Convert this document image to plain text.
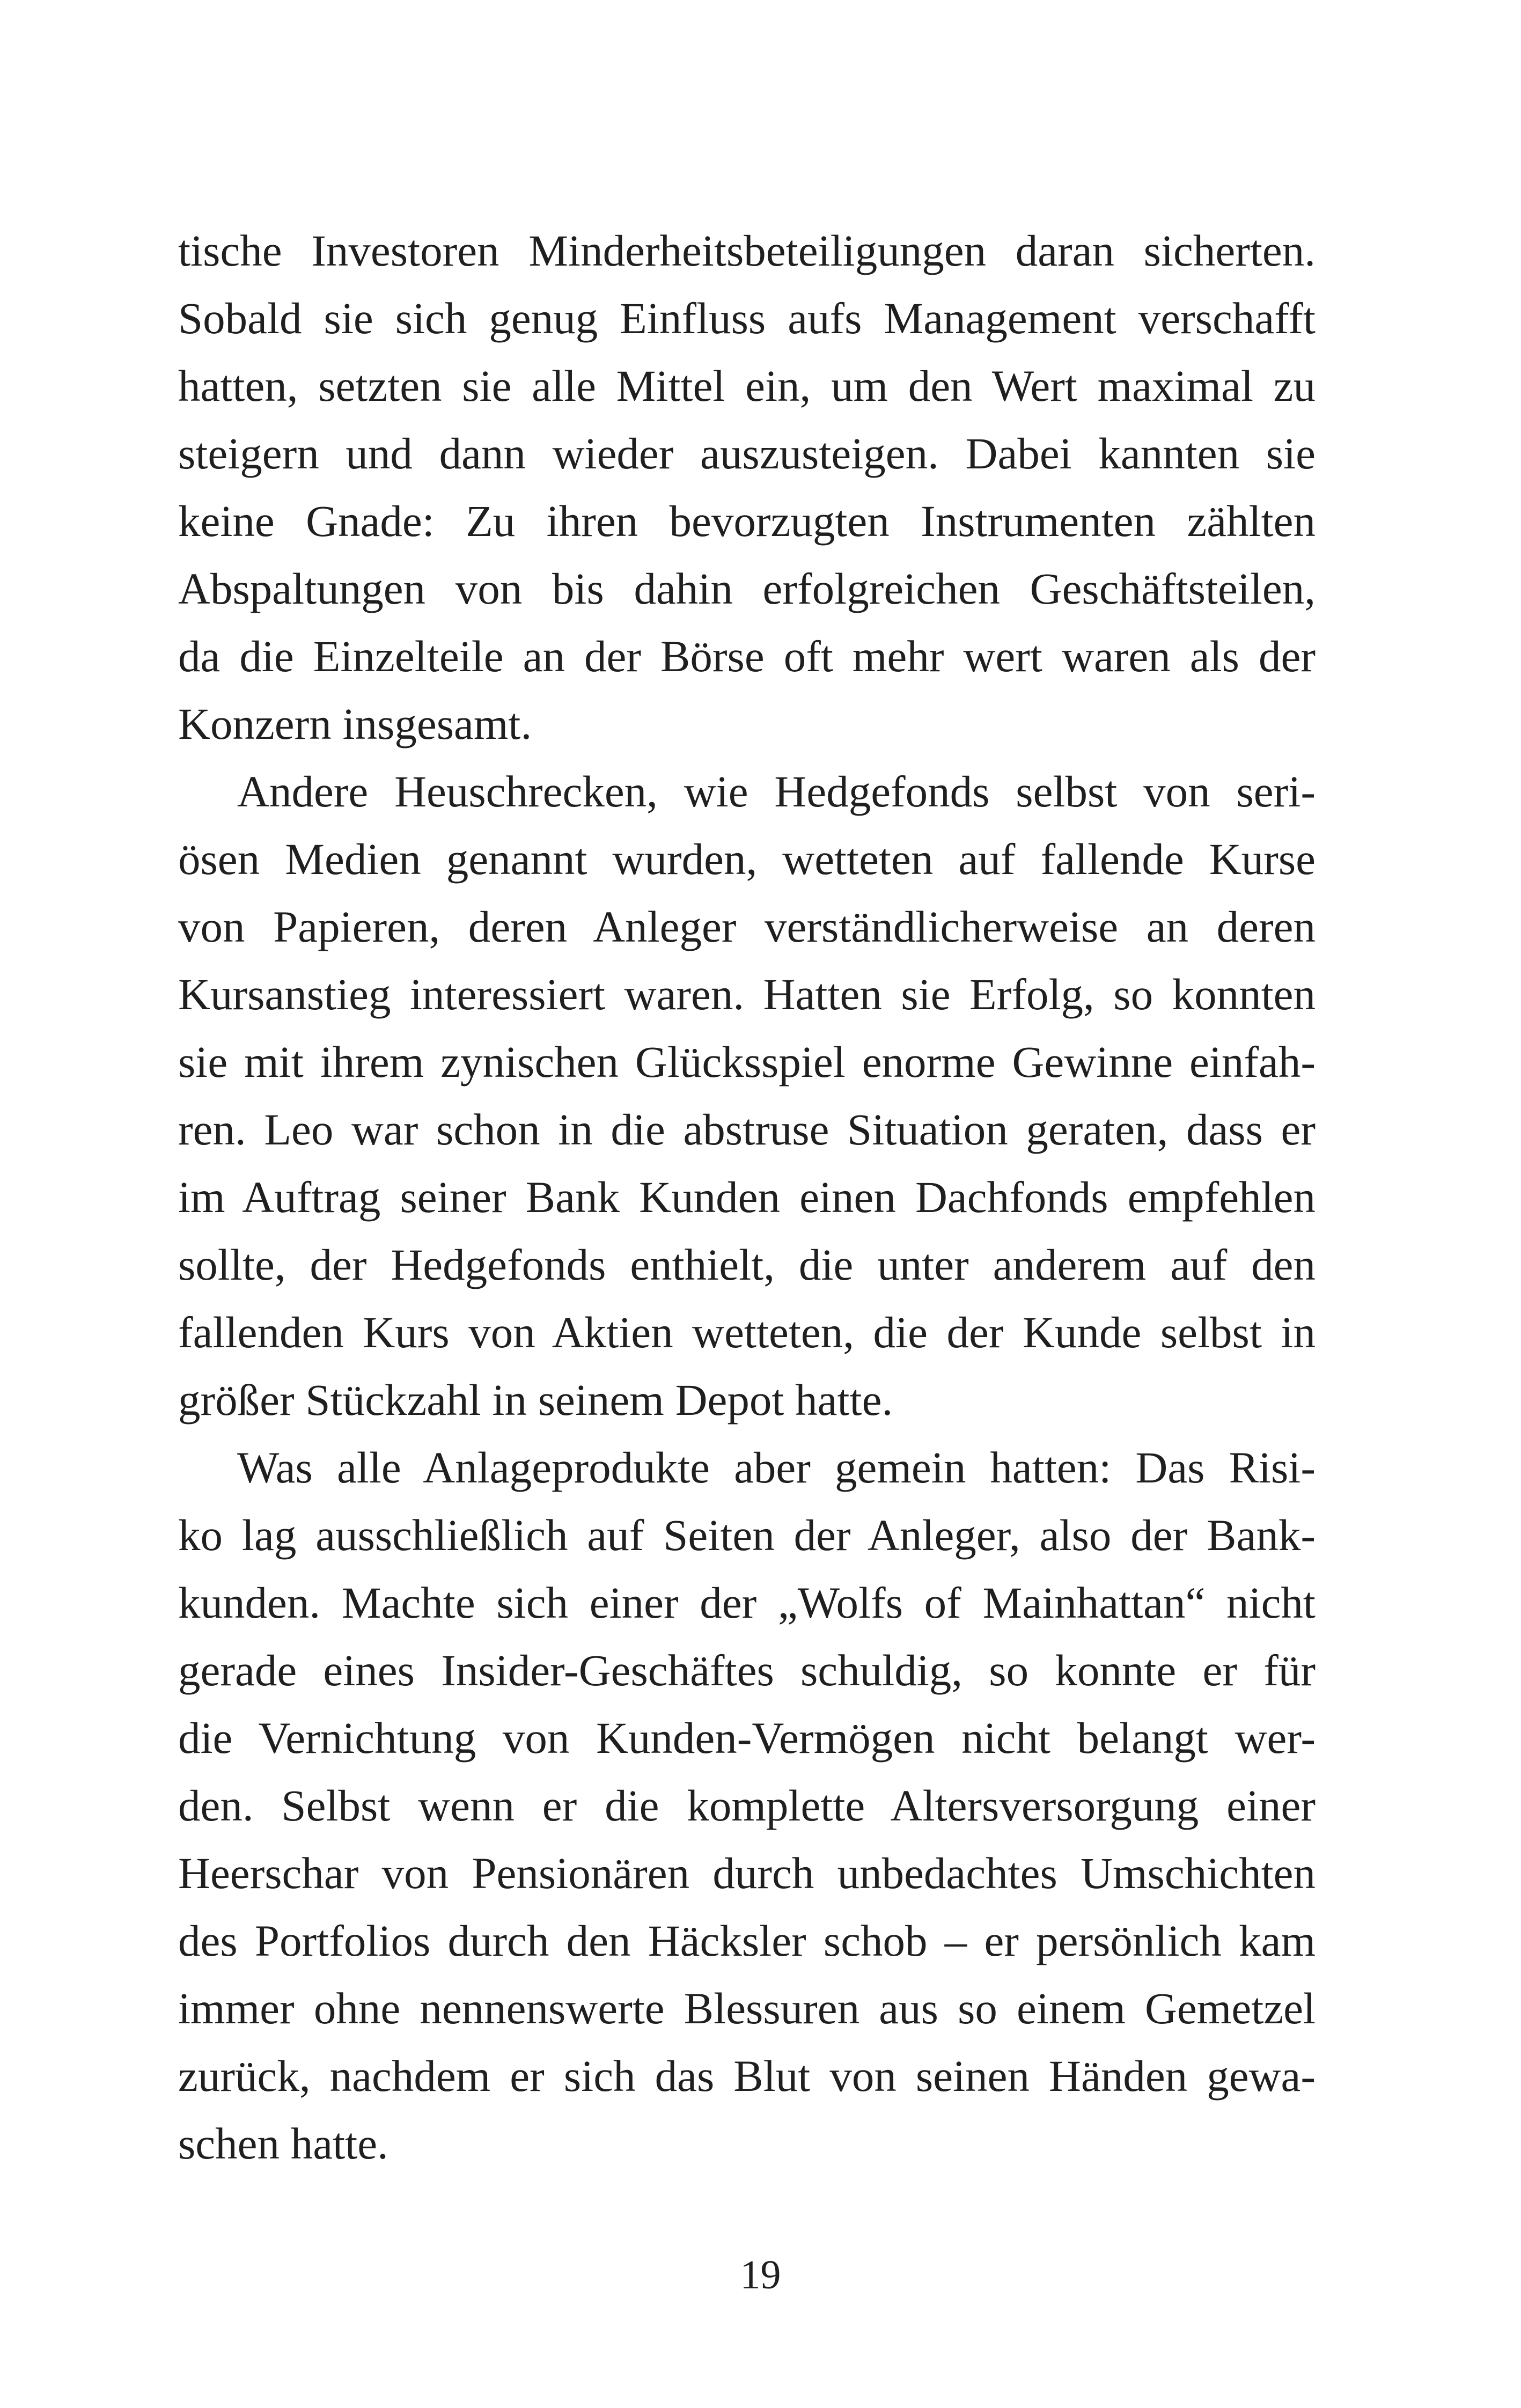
tische Investoren Minderheitsbeteiligungen daran sicherten.
Sobald sie sich genug Einfluss aufs Management verschafft
hatten, setzten sie alle Mittel ein, um den Wert maximal zu
steigern und dann wieder auszusteigen. Dabei kannten sie
keine Gnade: Zu ihren bevorzugten Instrumenten zählten
Abspaltungen von bis dahin erfolgreichen Geschäftsteilen,
da die Einzelteile an der Börse oft mehr wert waren als der
Konzern insgesamt.
Andere Heuschrecken, wie Hedgefonds selbst von seri-
ösen Medien genannt wurden, wetteten auf fallende Kurse
von Papieren, deren Anleger verständlicherweise an deren
Kursanstieg interessiert waren. Hatten sie Erfolg, so konnten
sie mit ihrem zynischen Glücksspiel enorme Gewinne einfah-
ren. Leo war schon in die abstruse Situation geraten, dass er
im Auftrag seiner Bank Kunden einen Dachfonds empfehlen
sollte, der Hedgefonds enthielt, die unter anderem auf den
fallenden Kurs von Aktien wetteten, die der Kunde selbst in
größer Stückzahl in seinem Depot hatte.
Was alle Anlageprodukte aber gemein hatten: Das Risi-
ko lag ausschließlich auf Seiten der Anleger, also der Bank-
kunden. Machte sich einer der „Wolfs of Mainhattan“ nicht
gerade eines Insider-Geschäftes schuldig, so konnte er für
die Vernichtung von Kunden-Vermögen nicht belangt wer-
den. Selbst wenn er die komplette Altersversorgung einer
Heerschar von Pensionären durch unbedachtes Umschichten
des Portfolios durch den Häcksler schob – er persönlich kam
immer ohne nennenswerte Blessuren aus so einem Gemetzel
zurück, nachdem er sich das Blut von seinen Händen gewa-
schen hatte.
19
